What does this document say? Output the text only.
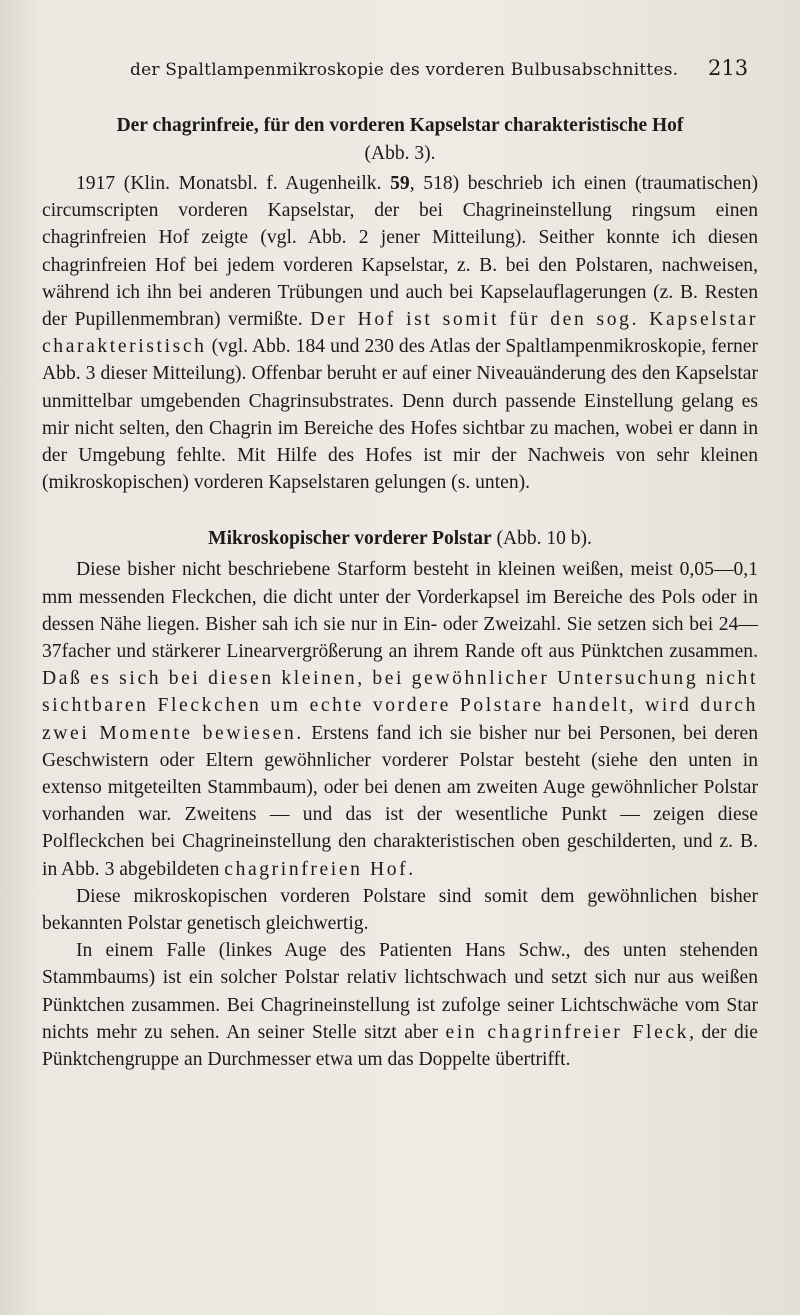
der Spaltlampenmikroskopie des vorderen Bulbusabschnittes. 213
Der chagrinfreie, für den vorderen Kapselstar charakteristische Hof
(Abb. 3).

1917 (Klin. Monatsbl. f. Augenheilk. 59, 518) beschrieb ich einen (traumatischen) circumscripten vorderen Kapselstar, der bei Chagrineinstellung ringsum einen chagrinfreien Hof zeigte (vgl. Abb. 2 jener Mitteilung). Seither konnte ich diesen chagrinfreien Hof bei jedem vorderen Kapselstar, z. B. bei den Polstaren, nachweisen, während ich ihn bei anderen Trübungen und auch bei Kapselauflagerungen (z. B. Resten der Pupillenmembran) vermißte. Der Hof ist somit für den sog. Kapselstar charakteristisch (vgl. Abb. 184 und 230 des Atlas der Spaltlampenmikroskopie, ferner Abb. 3 dieser Mitteilung). Offenbar beruht er auf einer Niveauänderung des den Kapselstar unmittelbar umgebenden Chagrinsubstrates. Denn durch passende Einstellung gelang es mir nicht selten, den Chagrin im Bereiche des Hofes sichtbar zu machen, wobei er dann in der Umgebung fehlte. Mit Hilfe des Hofes ist mir der Nachweis von sehr kleinen (mikroskopischen) vorderen Kapselstaren gelungen (s. unten).

Mikroskopischer vorderer Polstar (Abb. 10 b).

Diese bisher nicht beschriebene Starform besteht in kleinen weißen, meist 0,05—0,1 mm messenden Fleckchen, die dicht unter der Vorderkapsel im Bereiche des Pols oder in dessen Nähe liegen. Bisher sah ich sie nur in Ein- oder Zweizahl. Sie setzen sich bei 24—37facher und stärkerer Linearvergrößerung an ihrem Rande oft aus Pünktchen zusammen. Daß es sich bei diesen kleinen, bei gewöhnlicher Untersuchung nicht sichtbaren Fleckchen um echte vordere Polstare handelt, wird durch zwei Momente bewiesen. Erstens fand ich sie bisher nur bei Personen, bei deren Geschwistern oder Eltern gewöhnlicher vorderer Polstar besteht (siehe den unten in extenso mitgeteilten Stammbaum), oder bei denen am zweiten Auge gewöhnlicher Polstar vorhanden war. Zweitens — und das ist der wesentliche Punkt — zeigen diese Polfleckchen bei Chagrineinstellung den charakteristischen oben geschilderten, und z. B. in Abb. 3 abgebildeten chagrinfreien Hof.

Diese mikroskopischen vorderen Polstare sind somit dem gewöhnlichen bisher bekannten Polstar genetisch gleichwertig.

In einem Falle (linkes Auge des Patienten Hans Schw., des unten stehenden Stammbaums) ist ein solcher Polstar relativ lichtschwach und setzt sich nur aus weißen Pünktchen zusammen. Bei Chagrineinstellung ist zufolge seiner Lichtschwäche vom Star nichts mehr zu sehen. An seiner Stelle sitzt aber ein chagrinfreier Fleck, der die Pünktchengruppe an Durchmesser etwa um das Doppelte übertrifft.
